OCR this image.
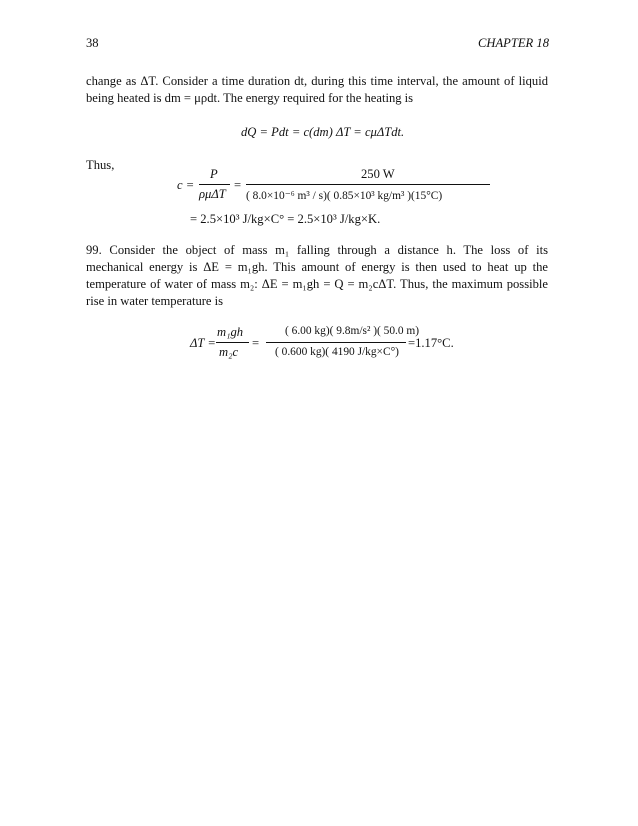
38	CHAPTER 18
change as ΔT. Consider a time duration dt, during this time interval, the amount of liquid
being heated is dm = μρdt. The energy required for the heating is
dQ = Pdt = c(dm) ΔT = cμΔTdt.
Thus,
c =
P
ρμΔT
=
250 W
( 8.0×10⁻⁶ m³ / s)( 0.85×10³ kg/m³ )(15°C)
= 2.5×10³ J/kg×C° = 2.5×10³ J/kg×K.
99. Consider the object of mass m₁ falling through a distance h. The loss of its
mechanical energy is ΔE = m₁gh. This amount of energy is then used to heat up the
temperature of water of mass m₂: ΔE = m₁gh = Q = m₂cΔT. Thus, the maximum possible
rise in water temperature is
ΔT =
m₁gh
m₂c
=
( 6.00 kg)( 9.8m/s² )( 50.0 m)
( 0.600 kg)( 4190 J/kg×C°)
=1.17°C.
